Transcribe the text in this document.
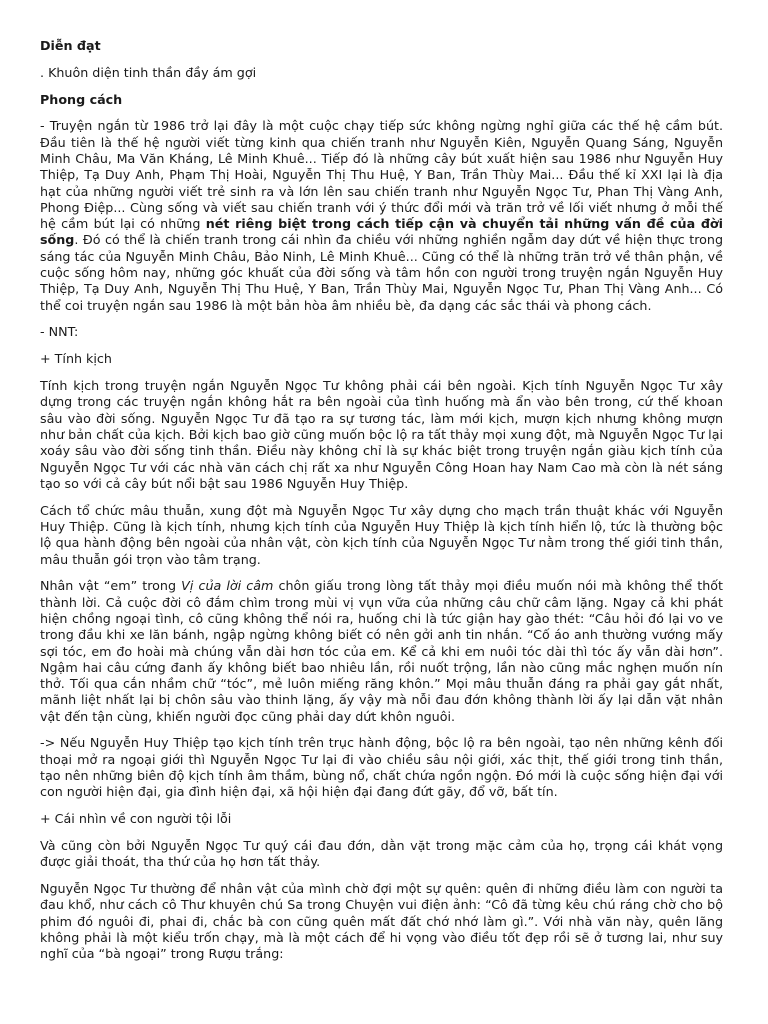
Diễn đạt

. Khuôn diện tinh thần đầy ám gợi

Phong cách

- Truyện ngắn từ 1986 trở lại đây là một cuộc chạy tiếp sức không ngừng nghỉ giữa các thế hệ cầm bút. Đầu tiên là thế hệ người viết từng kinh qua chiến tranh như Nguyễn Kiên, Nguyễn Quang Sáng, Nguyễn Minh Châu, Ma Văn Kháng, Lê Minh Khuê... Tiếp đó là những cây bút xuất hiện sau 1986 như Nguyễn Huy Thiệp, Tạ Duy Anh, Phạm Thị Hoài, Nguyễn Thị Thu Huệ, Y Ban, Trần Thùy Mai... Đầu thế kỉ XXI lại là địa hạt của những người viết trẻ sinh ra và lớn lên sau chiến tranh như Nguyễn Ngọc Tư, Phan Thị Vàng Anh, Phong Điệp... Cùng sống và viết sau chiến tranh với ý thức đổi mới và trăn trở về lối viết nhưng ở mỗi thế hệ cầm bút lại có những nét riêng biệt trong cách tiếp cận và chuyển tải những vấn đề của đời sống. Đó có thể là chiến tranh trong cái nhìn đa chiều với những nghiền ngẫm day dứt về hiện thực trong sáng tác của Nguyễn Minh Châu, Bảo Ninh, Lê Minh Khuê... Cũng có thể là những trăn trở về thân phận, về cuộc sống hôm nay, những góc khuất của đời sống và tâm hồn con người trong truyện ngắn Nguyễn Huy Thiệp, Tạ Duy Anh, Nguyễn Thị Thu Huệ, Y Ban, Trần Thùy Mai, Nguyễn Ngọc Tư, Phan Thị Vàng Anh... Có thể coi truyện ngắn sau 1986 là một bản hòa âm nhiều bè, đa dạng các sắc thái và phong cách.

- NNT:

+ Tính kịch

Tính kịch trong truyện ngắn Nguyễn Ngọc Tư không phải cái bên ngoài. Kịch tính Nguyễn Ngọc Tư xây dựng trong các truyện ngắn không hắt ra bên ngoài của tình huống mà ẩn vào bên trong, cứ thế khoan sâu vào đời sống. Nguyễn Ngọc Tư đã tạo ra sự tương tác, làm mới kịch, mượn kịch nhưng không mượn như bản chất của kịch. Bởi kịch bao giờ cũng muốn bộc lộ ra tất thảy mọi xung đột, mà Nguyễn Ngọc Tư lại xoáy sâu vào đời sống tinh thần. Điều này không chỉ là sự khác biệt trong truyện ngắn giàu kịch tính của Nguyễn Ngọc Tư với các nhà văn cách chị rất xa như Nguyễn Công Hoan hay Nam Cao mà còn là nét sáng tạo so với cả cây bút nổi bật sau 1986 Nguyễn Huy Thiệp.

Cách tổ chức mâu thuẫn, xung đột mà Nguyễn Ngọc Tư xây dựng cho mạch trần thuật khác với Nguyễn Huy Thiệp. Cũng là kịch tính, nhưng kịch tính của Nguyễn Huy Thiệp là kịch tính hiển lộ, tức là thường bộc lộ qua hành động bên ngoài của nhân vật, còn kịch tính của Nguyễn Ngọc Tư nằm trong thế giới tinh thần, mâu thuẫn gói trọn vào tâm trạng.

Nhân vật “em” trong Vị của lời câm chôn giấu trong lòng tất thảy mọi điều muốn nói mà không thể thốt thành lời. Cả cuộc đời cô đắm chìm trong mùi vị vụn vữa của những câu chữ câm lặng. Ngay cả khi phát hiện chồng ngoại tình, cô cũng không thể nói ra, huống chi là tức giận hay gào thét: “Câu hỏi đó lại vo ve trong đầu khi xe lăn bánh, ngập ngừng không biết có nên gởi anh tin nhắn. “Cố áo anh thường vướng mấy sợi tóc, em đo hoài mà chúng vẫn dài hơn tóc của em. Kể cả khi em nuôi tóc dài thì tóc ấy vẫn dài hơn”. Ngậm hai câu cứng đanh ấy không biết bao nhiêu lần, rồi nuốt trộng, lần nào cũng mắc nghẹn muốn nín thở. Tối qua cắn nhầm chữ “tóc”, mẻ luôn miếng răng khôn.” Mọi mâu thuẫn đáng ra phải gay gắt nhất, mãnh liệt nhất lại bị chôn sâu vào thinh lặng, ấy vậy mà nỗi đau đớn không thành lời ấy lại dẫn vặt nhân vật đến tận cùng, khiến người đọc cũng phải day dứt khôn nguôi.

-> Nếu Nguyễn Huy Thiệp tạo kịch tính trên trục hành động, bộc lộ ra bên ngoài, tạo nên những kênh đối thoại mở ra ngoại giới thì Nguyễn Ngọc Tư lại đi vào chiều sâu nội giới, xác thịt, thế giới trong tinh thần, tạo nên những biên độ kịch tính âm thầm, bùng nổ, chất chứa ngồn ngộn. Đó mới là cuộc sống hiện đại với con người hiện đại, gia đình hiện đại, xã hội hiện đại đang đứt gãy, đổ vỡ, bất tín.

+ Cái nhìn về con người tội lỗi

Và cũng còn bởi Nguyễn Ngọc Tư quý cái đau đớn, dằn vặt trong mặc cảm của họ, trọng cái khát vọng được giải thoát, tha thứ của họ hơn tất thảy.

Nguyễn Ngọc Tư thường để nhân vật của mình chờ đợi một sự quên: quên đi những điều làm con người ta đau khổ, như cách cô Thư khuyên chú Sa trong Chuyện vui điện ảnh: “Cô đã từng kêu chú ráng chờ cho bộ phim đó nguôi đi, phai đi, chắc bà con cũng quên mất đất chớ nhớ làm gì.”. Với nhà văn này, quên lãng không phải là một kiểu trốn chạy, mà là một cách để hi vọng vào điều tốt đẹp rồi sẽ ở tương lai, như suy nghĩ của “bà ngoại” trong Rượu trắng:
